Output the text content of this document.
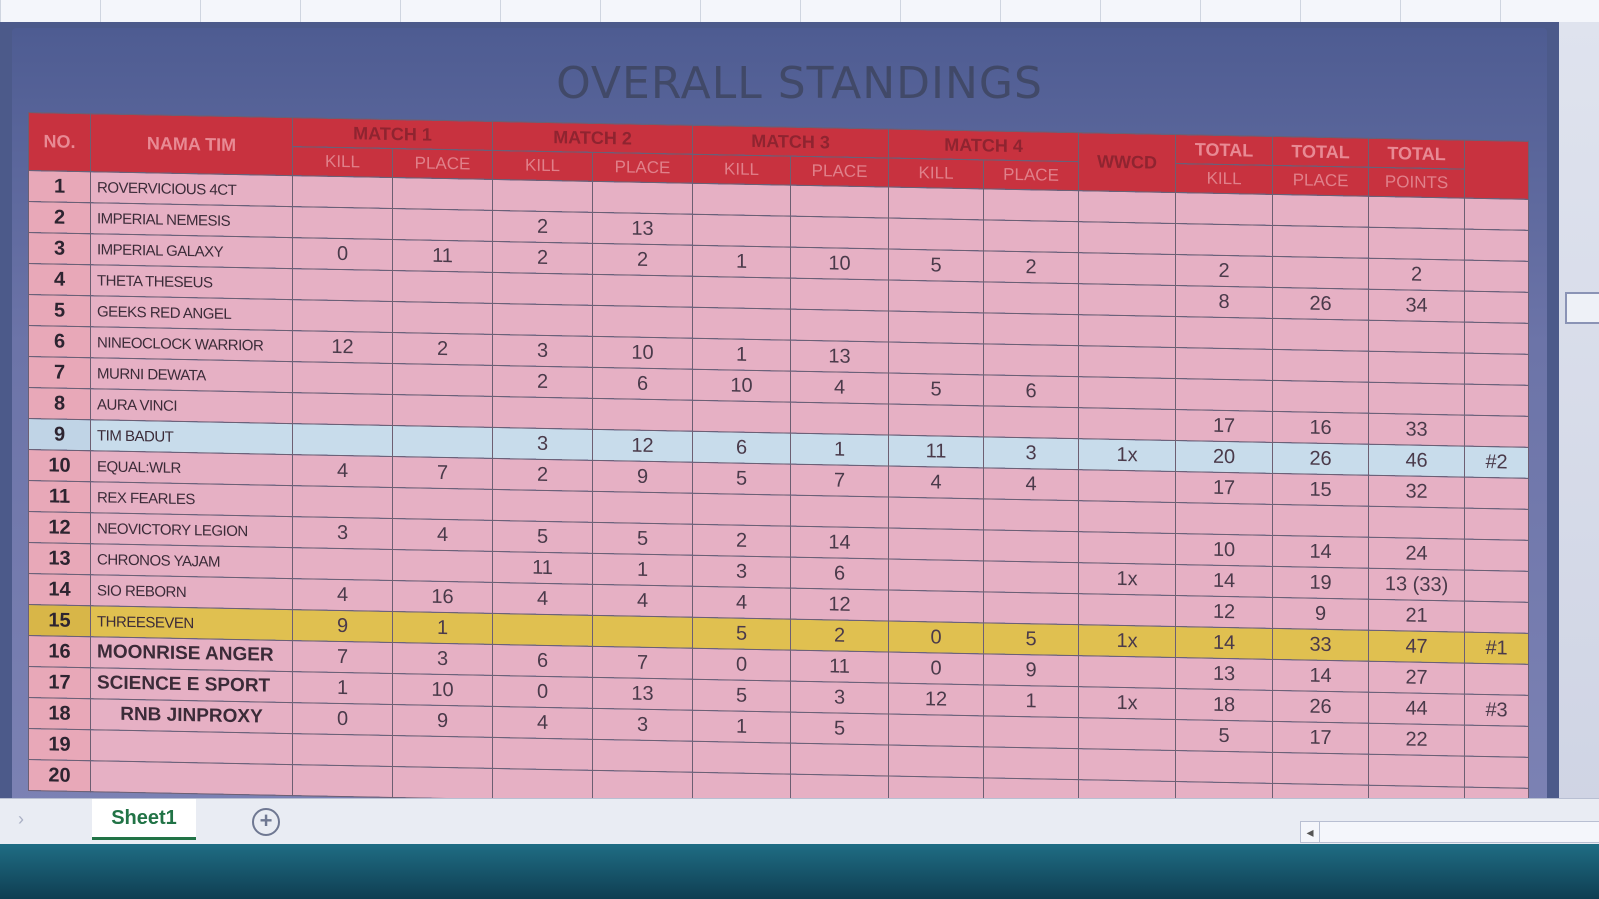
OVERALL STANDINGS
NO.	NAMA TIM	MATCH 1		MATCH 2		MATCH 3		MATCH 4		WWCD	TOTAL	TOTAL	TOTAL	
		KILL	PLACE	KILL	PLACE	KILL	PLACE	KILL	PLACE		KILL	PLACE	POINTS	
1	ROVERVICIOUS 4CT													
2	IMPERIAL NEMESIS			2	13									
3	IMPERIAL GALAXY	0	11	2	2	1	10	5	2		2		2	
4	THETA THESEUS										8	26	34	
5	GEEKS RED ANGEL													
6	NINEOCLOCK WARRIOR	12	2	3	10	1	13							
7	MURNI DEWATA			2	6	10	4	5	6					
8	AURA VINCI										17	16	33	
9	TIM BADUT			3	12	6	1	11	3	1x	20	26	46	#2
10	EQUAL:WLR	4	7	2	9	5	7	4	4		17	15	32	
11	REX FEARLES													
12	NEOVICTORY LEGION	3	4	5	5	2	14				10	14	24	
13	CHRONOS YAJAM			11	1	3	6			1x	14	19	13 (33)	
14	SIO REBORN	4	16	4	4	4	12				12	9	21	
15	THREESEVEN	9	1			5	2	0	5	1x	14	33	47	#1
16	MOONRISE ANGER	7	3	6	7	0	11	0	9		13	14	27	
17	SCIENCE E SPORT	1	10	0	13	5	3	12	1	1x	18	26	44	#3
18	RNB JINPROXY	0	9	4	3	1	5				5	17	22	
19														
20														
›	Sheet1	+	◂
